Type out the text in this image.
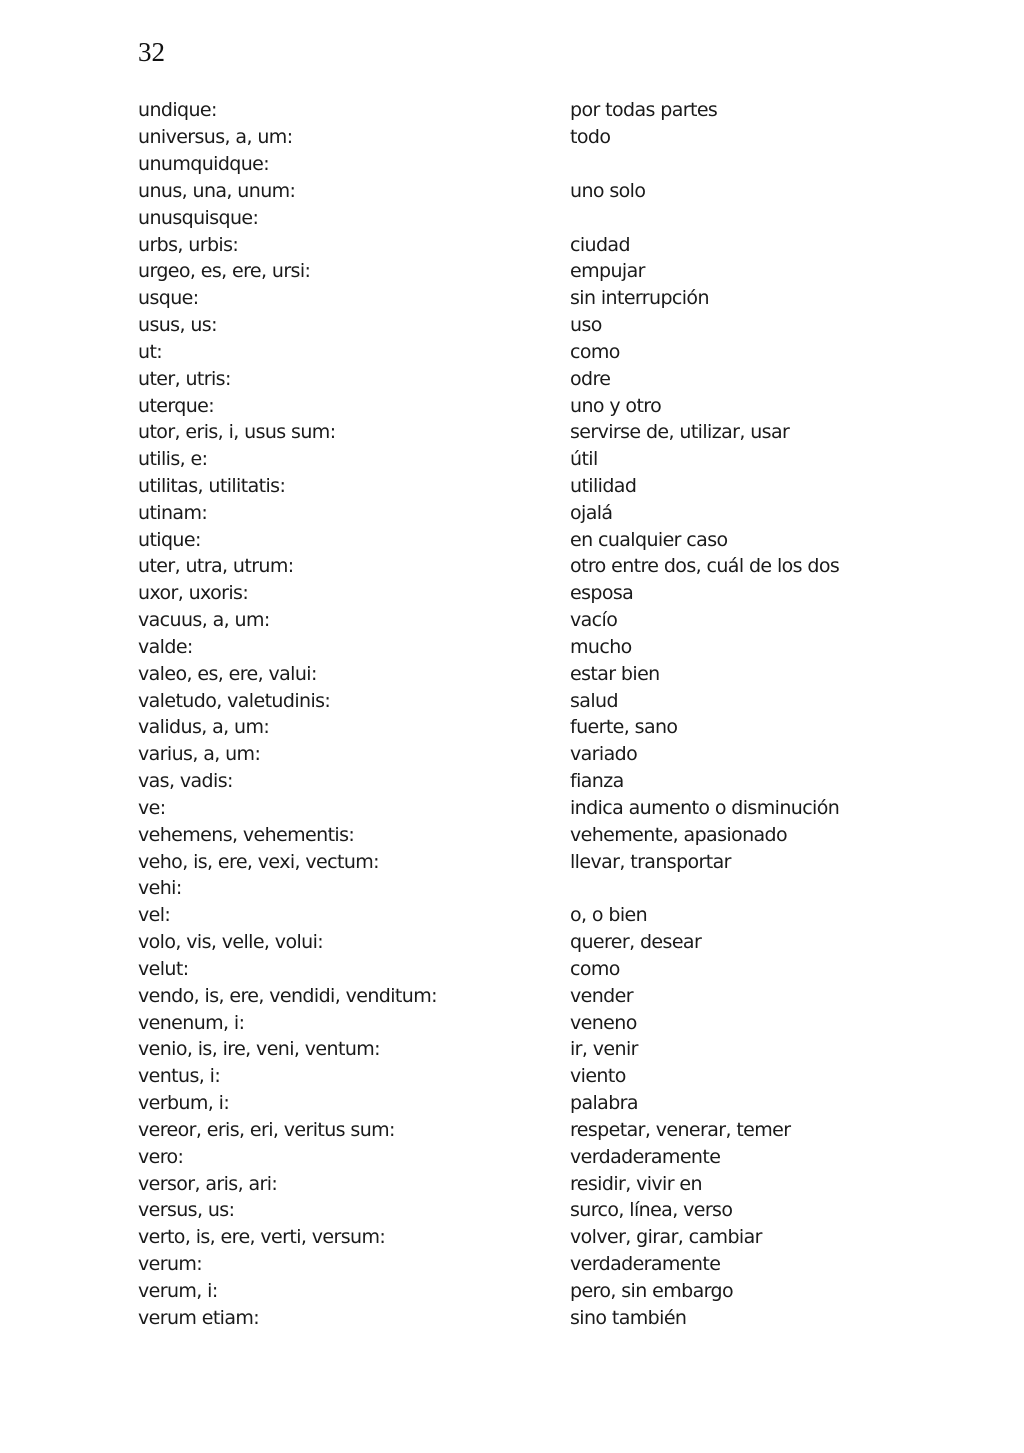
32
undique:	por todas partes
universus, a, um:	todo
unumquidque:
unus, una, unum:	uno solo
unusquisque:
urbs, urbis:	ciudad
urgeo, es, ere, ursi:	empujar
usque:	sin interrupción
usus, us:	uso
ut:	como
uter, utris:	odre
uterque:	uno y otro
utor, eris, i, usus sum:	servirse de, utilizar, usar
utilis, e:	útil
utilitas, utilitatis:	utilidad
utinam:	ojalá
utique:	en cualquier caso
uter, utra, utrum:	otro entre dos, cuál de los dos
uxor, uxoris:	esposa
vacuus, a, um:	vacío
valde:	mucho
valeo, es, ere, valui:	estar bien
valetudo, valetudinis:	salud
validus, a, um:	fuerte, sano
varius, a, um:	variado
vas, vadis:	fianza
ve:	indica aumento o disminución
vehemens, vehementis:	vehemente, apasionado
veho, is, ere, vexi, vectum:	llevar, transportar
vehi:
vel:	o, o bien
volo, vis, velle, volui:	querer, desear
velut:	como
vendo, is, ere, vendidi, venditum:	vender
venenum, i:	veneno
venio, is, ire, veni, ventum:	ir, venir
ventus, i:	viento
verbum, i:	palabra
vereor, eris, eri, veritus sum:	respetar, venerar, temer
vero:	verdaderamente
versor, aris, ari:	residir, vivir en
versus, us:	surco, línea, verso
verto, is, ere, verti, versum:	volver, girar, cambiar
verum:	verdaderamente
verum, i:	pero, sin embargo
verum etiam:	sino también
